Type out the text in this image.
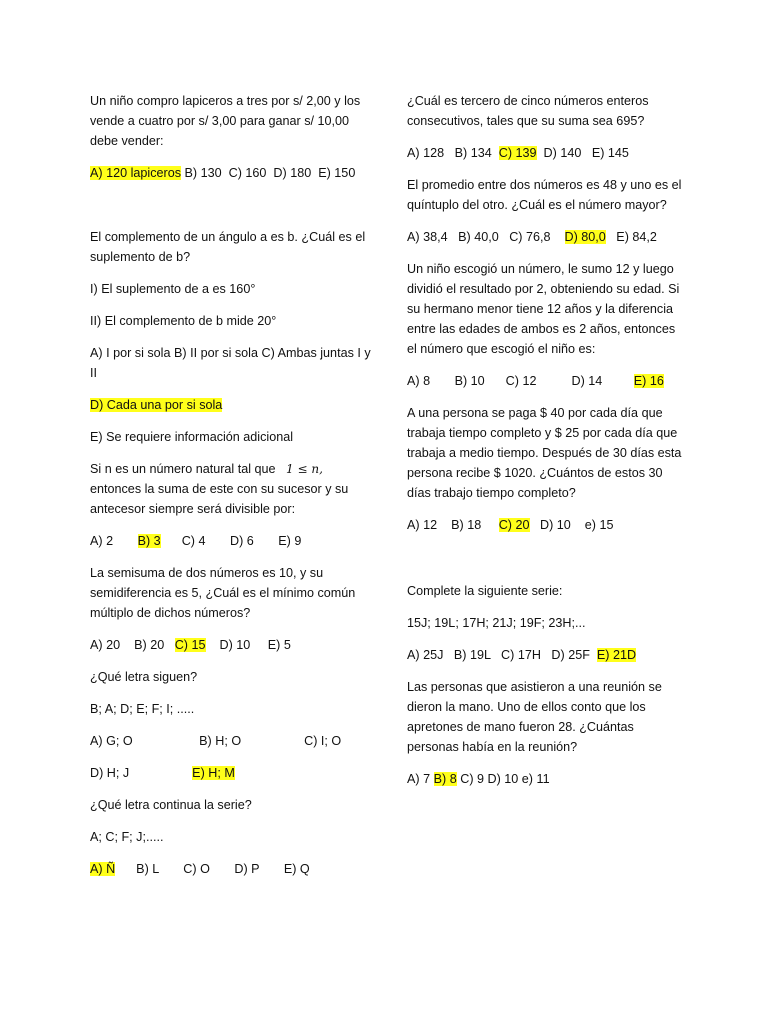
Un niño compro lapiceros a tres por s/ 2,00 y los vende a cuatro por s/ 3,00 para ganar s/ 10,00 debe vender:

A) 120 lapiceros B) 130  C) 160  D) 180  E) 150

El complemento de un ángulo a es b. ¿Cuál es el suplemento de b?

I) El suplemento de a es 160°

II) El complemento de b mide 20°

A) I por si sola B) II por si sola C) Ambas juntas I y II

D) Cada una por si sola

E) Se requiere información adicional

Si n es un número natural tal que   1 ≤ n, entonces la suma de este con su sucesor y su antecesor siempre será divisible por:

A) 2       B) 3      C) 4       D) 6       E) 9

La semisuma de dos números es 10, y su semidiferencia es 5, ¿Cuál es el mínimo común múltiplo de dichos números?

A) 20    B) 20   C) 15    D) 10     E) 5

¿Qué letra siguen?

B; A; D; E; F; I; .....

A) G; O                   B) H; O                  C) I; O

D) H; J                  E) H; M

¿Qué letra continua la serie?

A; C; F; J;.....

A) Ñ      B) L       C) O       D) P       E) Q

¿Cuál es tercero de cinco números enteros consecutivos, tales que su suma sea 695?

A) 128   B) 134  C) 139  D) 140   E) 145

El promedio entre dos números es 48 y uno es el quíntuplo del otro. ¿Cuál es el número mayor?

A) 38,4   B) 40,0   C) 76,8    D) 80,0   E) 84,2

Un niño escogió un número, le sumo 12 y luego dividió el resultado por 2, obteniendo su edad. Si su hermano menor tiene 12 años y la diferencia entre las edades de ambos es 2 años, entonces el número que escogió el niño es:

A) 8       B) 10      C) 12          D) 14         E) 16

A una persona se paga $ 40 por cada día que trabaja tiempo completo y $ 25 por cada día que trabaja a medio tiempo. Después de 30 días esta persona recibe $ 1020. ¿Cuántos de estos 30 días trabajo tiempo completo?

A) 12    B) 18     C) 20   D) 10    e) 15

Complete la siguiente serie:

15J; 19L; 17H; 21J; 19F; 23H;...

A) 25J   B) 19L   C) 17H   D) 25F  E) 21D

Las personas que asistieron a una reunión se dieron la mano. Uno de ellos conto que los apretones de mano fueron 28. ¿Cuántas personas había en la reunión?

A) 7 B) 8 C) 9 D) 10 e) 11
